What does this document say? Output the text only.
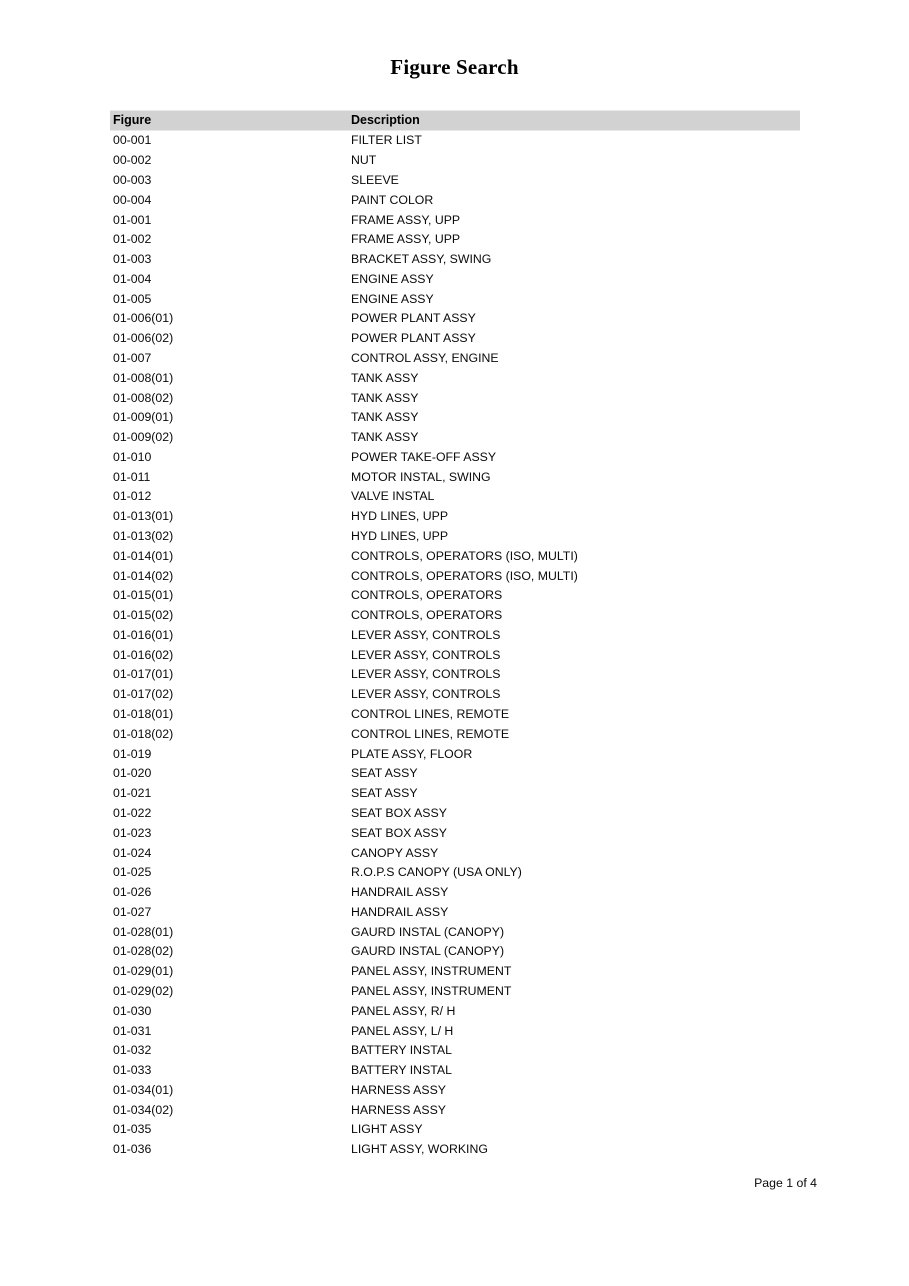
Figure Search
Figure	Description
00-001	FILTER LIST
00-002	NUT
00-003	SLEEVE
00-004	PAINT COLOR
01-001	FRAME ASSY, UPP
01-002	FRAME ASSY, UPP
01-003	BRACKET ASSY, SWING
01-004	ENGINE ASSY
01-005	ENGINE ASSY
01-006(01)	POWER PLANT ASSY
01-006(02)	POWER PLANT ASSY
01-007	CONTROL ASSY, ENGINE
01-008(01)	TANK ASSY
01-008(02)	TANK ASSY
01-009(01)	TANK ASSY
01-009(02)	TANK ASSY
01-010	POWER TAKE-OFF ASSY
01-011	MOTOR INSTAL, SWING
01-012	VALVE INSTAL
01-013(01)	HYD LINES, UPP
01-013(02)	HYD LINES, UPP
01-014(01)	CONTROLS, OPERATORS (ISO, MULTI)
01-014(02)	CONTROLS, OPERATORS (ISO, MULTI)
01-015(01)	CONTROLS, OPERATORS
01-015(02)	CONTROLS, OPERATORS
01-016(01)	LEVER ASSY, CONTROLS
01-016(02)	LEVER ASSY, CONTROLS
01-017(01)	LEVER ASSY, CONTROLS
01-017(02)	LEVER ASSY, CONTROLS
01-018(01)	CONTROL LINES, REMOTE
01-018(02)	CONTROL LINES, REMOTE
01-019	PLATE ASSY, FLOOR
01-020	SEAT ASSY
01-021	SEAT ASSY
01-022	SEAT BOX ASSY
01-023	SEAT BOX ASSY
01-024	CANOPY ASSY
01-025	R.O.P.S CANOPY (USA ONLY)
01-026	HANDRAIL ASSY
01-027	HANDRAIL ASSY
01-028(01)	GAURD INSTAL (CANOPY)
01-028(02)	GAURD INSTAL (CANOPY)
01-029(01)	PANEL ASSY, INSTRUMENT
01-029(02)	PANEL ASSY, INSTRUMENT
01-030	PANEL ASSY, R/ H
01-031	PANEL ASSY, L/ H
01-032	BATTERY INSTAL
01-033	BATTERY INSTAL
01-034(01)	HARNESS ASSY
01-034(02)	HARNESS ASSY
01-035	LIGHT ASSY
01-036	LIGHT ASSY, WORKING
Page 1 of 4
